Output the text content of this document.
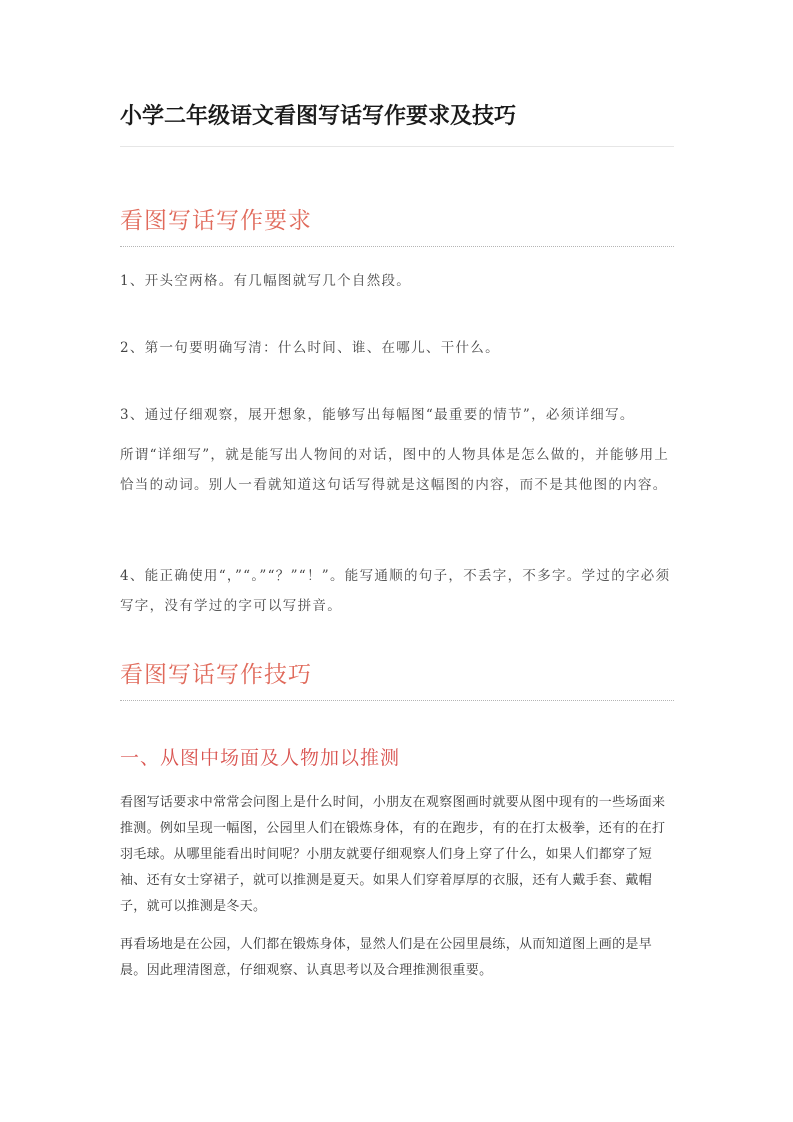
小学二年级语文看图写话写作要求及技巧
看图写话写作要求
1、开头空两格。有几幅图就写几个自然段。
2、第一句要明确写清：什么时间、谁、在哪儿、干什么。
3、通过仔细观察，展开想象，能够写出每幅图“最重要的情节”，必须详细写。
所谓“详细写”，就是能写出人物间的对话，图中的人物具体是怎么做的，并能够用上恰当的动词。别人一看就知道这句话写得就是这幅图的内容，而不是其他图的内容。
4、能正确使用“，”“。”“？”“！”。能写通顺的句子，不丢字，不多字。学过的字必须写字，没有学过的字可以写拼音。
看图写话写作技巧
一、从图中场面及人物加以推测
看图写话要求中常常会问图上是什么时间，小朋友在观察图画时就要从图中现有的一些场面来推测。例如呈现一幅图，公园里人们在锻炼身体，有的在跑步，有的在打太极拳，还有的在打羽毛球。从哪里能看出时间呢？小朋友就要仔细观察人们身上穿了什么，如果人们都穿了短袖、还有女士穿裙子，就可以推测是夏天。如果人们穿着厚厚的衣服，还有人戴手套、戴帽子，就可以推测是冬天。
再看场地是在公园，人们都在锻炼身体，显然人们是在公园里晨练，从而知道图上画的是早晨。因此理清图意，仔细观察、认真思考以及合理推测很重要。
